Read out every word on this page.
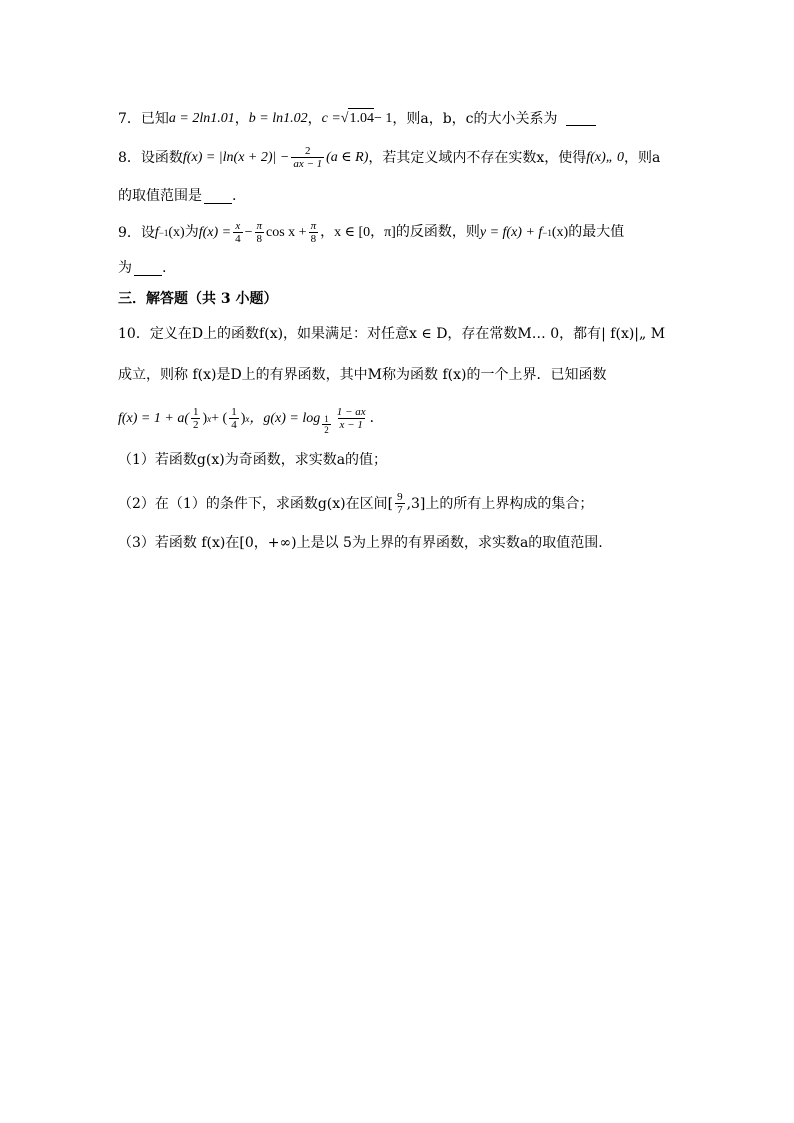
7． 已知 a = 2ln1.01 ， b = ln1.02 ， c = √ 1.04 − 1 ，则a，b，c的大小关系为
8． 设函数 $f(x) = |\ln(x + 2)| - \frac{2}{ax - 1} (a$ ∈ R) ，若其定义域内不存在实数x，使得 f(x)„ 0 ，则a
的取值范围是 .
9． 设 f −1 (x)为 $f(x) = \frac{x}{4} - \frac{\pi}{8}$ $\cos x + \frac{\pi}{8}$ ，x ∈ [0，π]的反函数，则 y = f(x) + f −1 (x)的最大值
为 .
三．解答题（共 3 小题）
10． 定义在D上的函数f(x)，如果满足：对任意x ∈ D，存在常数M… 0，都有| f(x)|„ M
成立，则称 f(x)是D上的有界函数，其中M称为函数 f(x)的一个上界．已知函数
$f(x) = 1 + a( \frac{1}{2}$ ) x + ( $\frac{1}{4}$ ) x ，$g(x) = \log \frac{1}{2} \frac{1 - ax}{x - 1}$ ．
（1）若函数g(x)为奇函数，求实数a的值；
（2）在（1）的条件下，求函数g(x)在区间[ $\frac{9}{7} ,3$]上的所有上界构成的集合；
（3）若函数 f(x)在[0，+∞)上是以 5为上界的有界函数，求实数a的取值范围.
